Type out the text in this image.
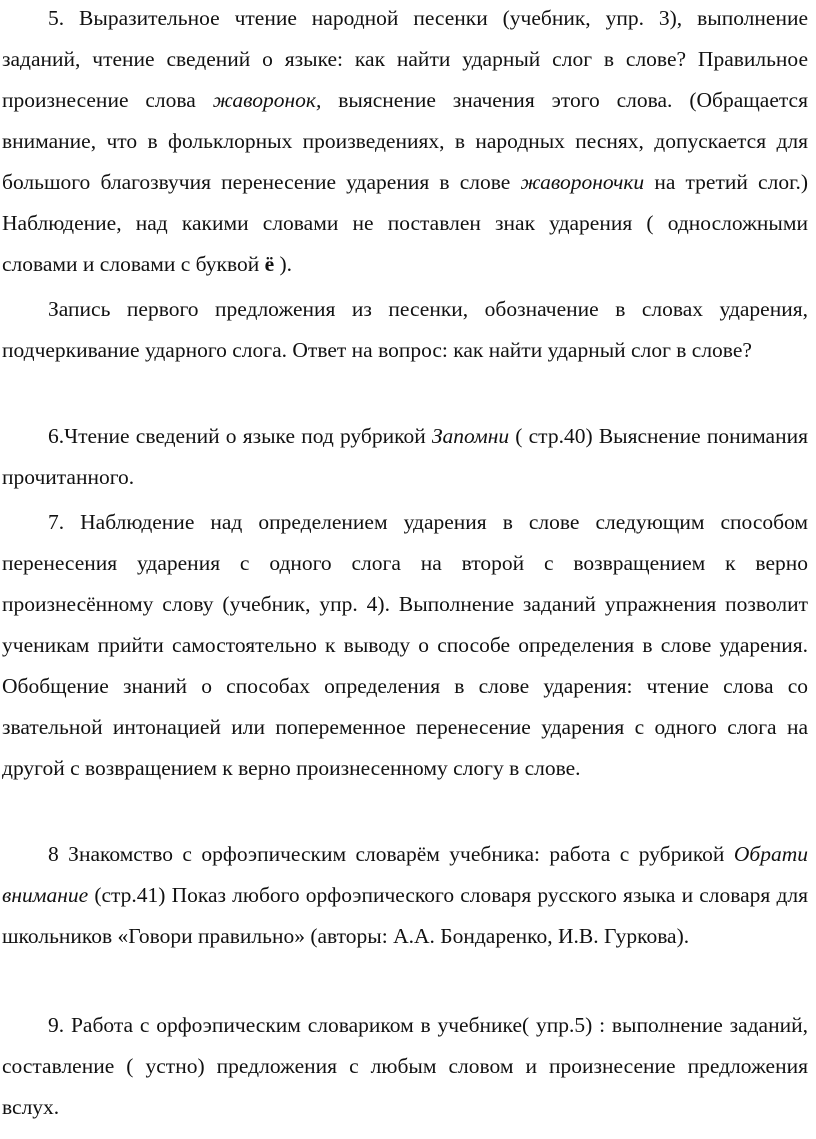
5. Выразительное чтение народной песенки (учебник, упр. 3), выполнение заданий, чтение сведений о языке: как найти ударный слог в слове? Правильное произнесение слова жаворонок, выяснение значения этого слова. (Обращается внимание, что в фольклорных произведениях, в народных песнях, допускается для большого благозвучия перенесение ударения в слове жавороночки на третий слог.) Наблюдение, над какими словами не поставлен знак ударения ( односложными словами и словами с буквой ё ).

Запись первого предложения из песенки, обозначение в словах ударения, подчеркивание ударного слога. Ответ на вопрос: как найти ударный слог в слове?

6.Чтение сведений о языке под рубрикой Запомни ( стр.40) Выяснение понимания прочитанного.

7. Наблюдение над определением ударения в слове следующим способом перенесения ударения с одного слога на второй с возвращением к верно произнесённому слову (учебник, упр. 4). Выполнение заданий упражнения позволит ученикам прийти самостоятельно к выводу о способе определения в слове ударения. Обобщение знаний о способах определения в слове ударения: чтение слова со звательной интонацией или попеременное перенесение ударения с одного слога на другой с возвращением к верно произнесенному слогу в слове.

8 Знакомство с орфоэпическим словарём учебника: работа с рубрикой Обрати внимание (стр.41) Показ любого орфоэпического словаря русского языка и словаря для школьников «Говори правильно» (авторы: А.А. Бондаренко, И.В. Гуркова).

9. Работа с орфоэпическим словариком в учебнике( упр.5) : выполнение заданий, составление ( устно) предложения с любым словом и произнесение предложения вслух.
